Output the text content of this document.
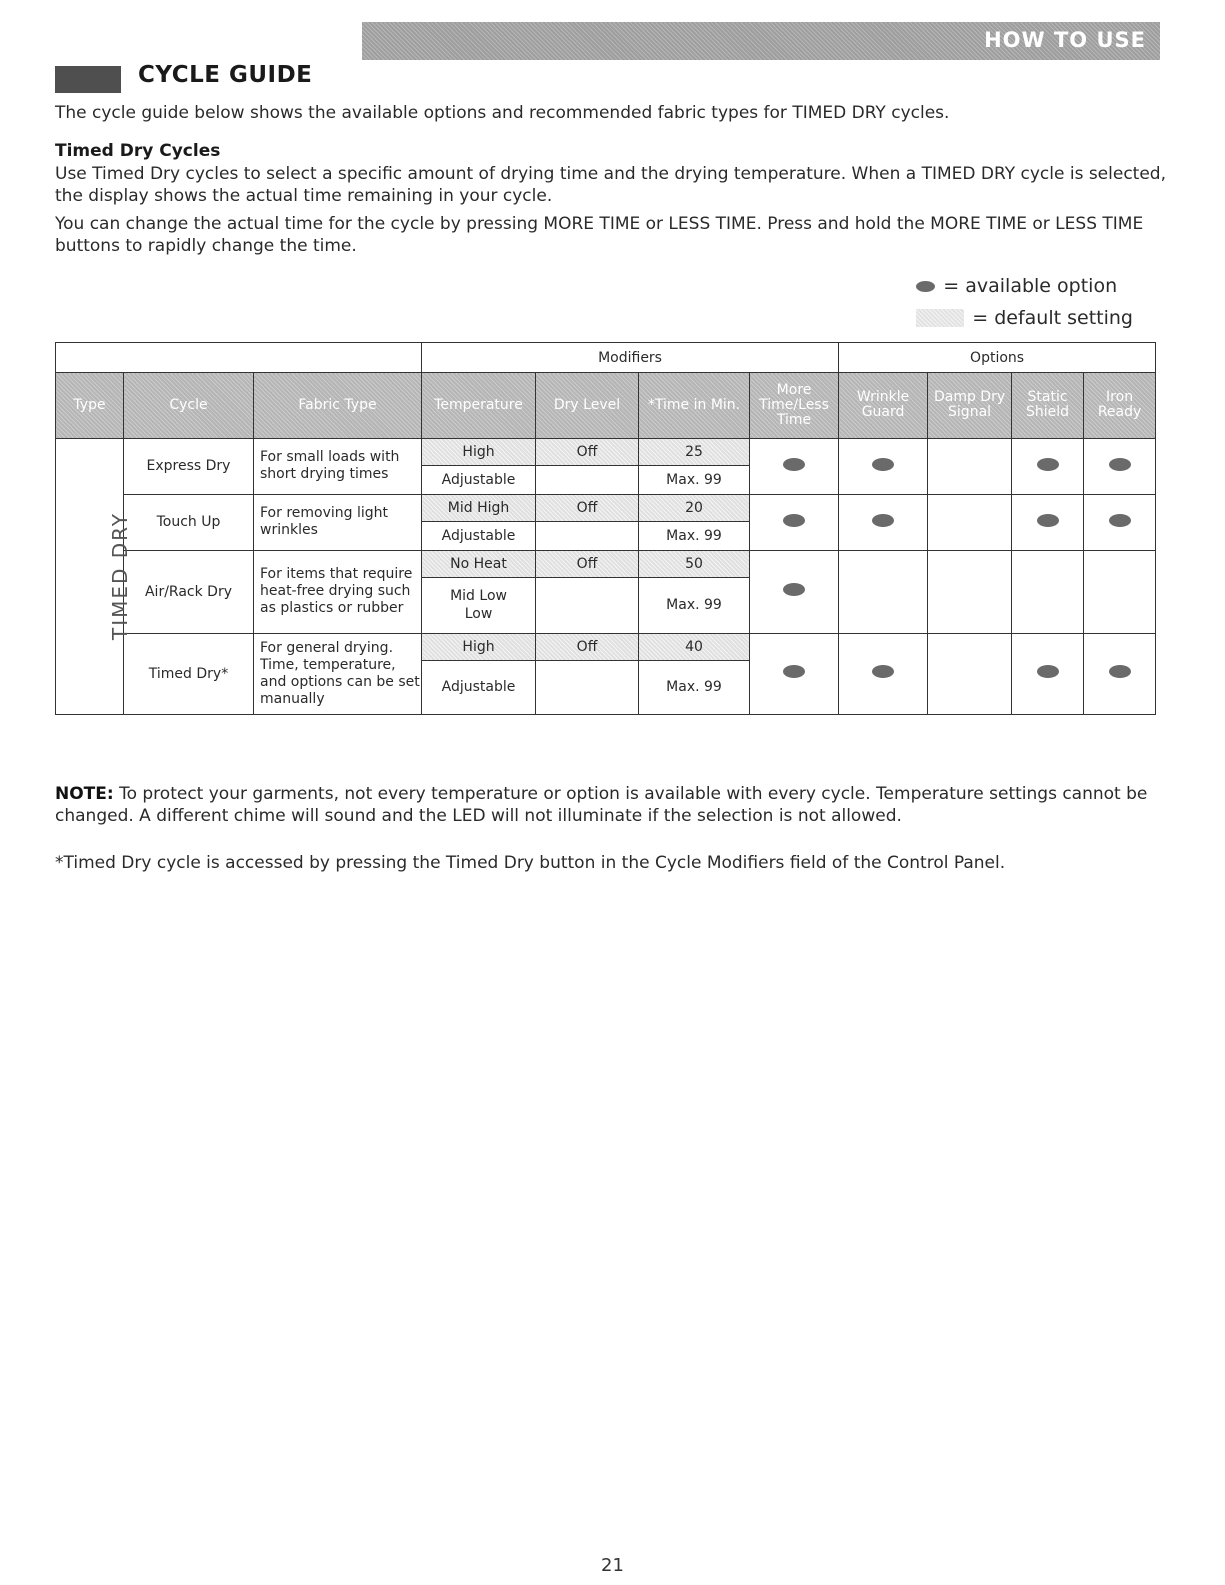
HOW TO USE
CYCLE GUIDE
The cycle guide below shows the available options and recommended fabric types for TIMED DRY cycles.
Timed Dry Cycles
Use Timed Dry cycles to select a specific amount of drying time and the drying temperature. When a TIMED DRY cycle is selected, the display shows the actual time remaining in your cycle.
You can change the actual time for the cycle by pressing MORE TIME or LESS TIME. Press and hold the MORE TIME or LESS TIME buttons to rapidly change the time.
= available option
= default setting
			Modifiers				Options			
Type	Cycle	Fabric Type	Temperature	Dry Level	*Time in Min.	More Time/Less Time	Wrinkle Guard	Damp Dry Signal	Static Shield	Iron Ready
TIMED DRY	Express Dry	For small loads with short drying times	High	Off	25					
			Adjustable		Max. 99					
	Touch Up	For removing light wrinkles	Mid High	Off	20					
			Adjustable		Max. 99					
	Air/Rack Dry	For items that require heat-free drying such as plastics or rubber	No Heat	Off	50					
			Mid Low Low		Max. 99					
	Timed Dry*	For general drying. Time, temperature, and options can be set manually	High	Off	40					
			Adjustable		Max. 99					
NOTE: To protect your garments, not every temperature or option is available with every cycle. Temperature settings cannot be changed. A different chime will sound and the LED will not illuminate if the selection is not allowed.
*Timed Dry cycle is accessed by pressing the Timed Dry button in the Cycle Modifiers field of the Control Panel.
21
